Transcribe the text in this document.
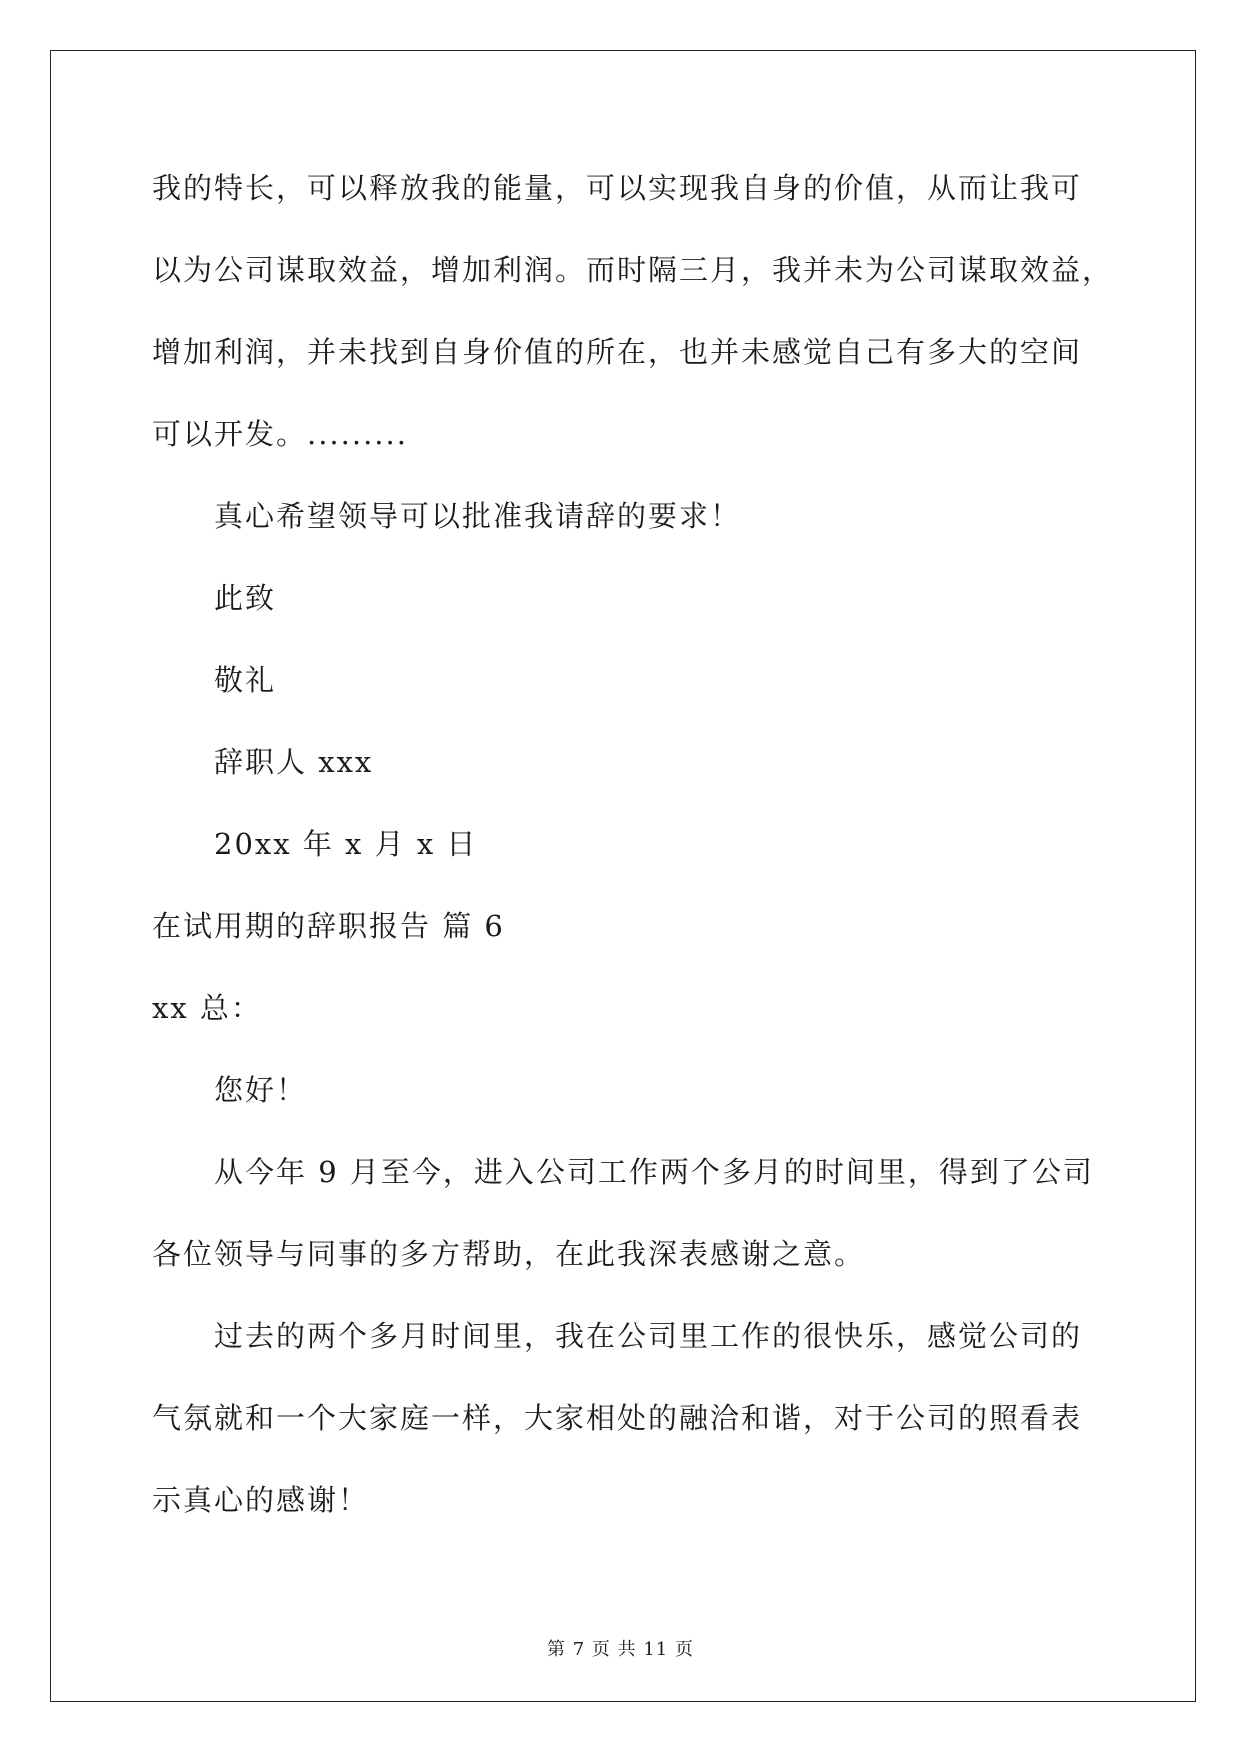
我的特长，可以释放我的能量，可以实现我自身的价值，从而让我可
以为公司谋取效益，增加利润。而时隔三月，我并未为公司谋取效益，
增加利润，并未找到自身价值的所在，也并未感觉自己有多大的空间
可以开发。.........
真心希望领导可以批准我请辞的要求！
此致
敬礼
辞职人 xxx
20xx 年 x 月 x 日
在试用期的辞职报告 篇 6
xx 总：
您好！
从今年 9 月至今，进入公司工作两个多月的时间里，得到了公司
各位领导与同事的多方帮助，在此我深表感谢之意。
过去的两个多月时间里，我在公司里工作的很快乐，感觉公司的
气氛就和一个大家庭一样，大家相处的融洽和谐，对于公司的照看表
示真心的感谢！
第 7 页 共 11 页
